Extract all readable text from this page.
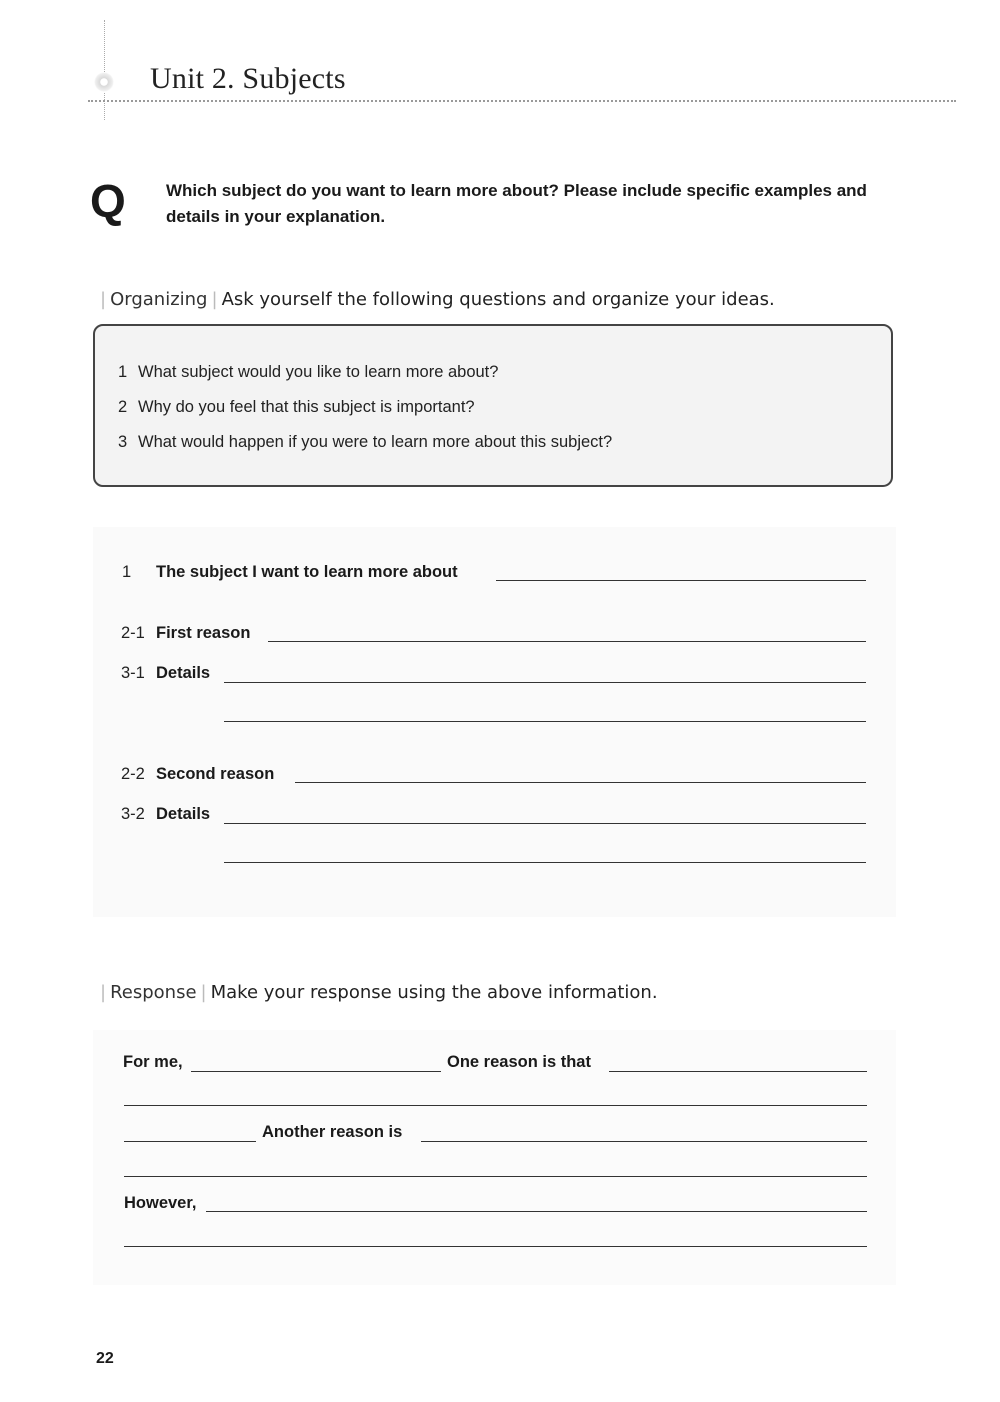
Unit 2. Subjects
Q Which subject do you want to learn more about? Please include specific examples and details in your explanation.
| Organizing | Ask yourself the following questions and organize your ideas.
1 What subject would you like to learn more about?
2 Why do you feel that this subject is important?
3 What would happen if you were to learn more about this subject?
1 The subject I want to learn more about
2-1 First reason
3-1 Details
2-2 Second reason
3-2 Details
| Response | Make your response using the above information.
For me,	One reason is that
Another reason is
However,
22
